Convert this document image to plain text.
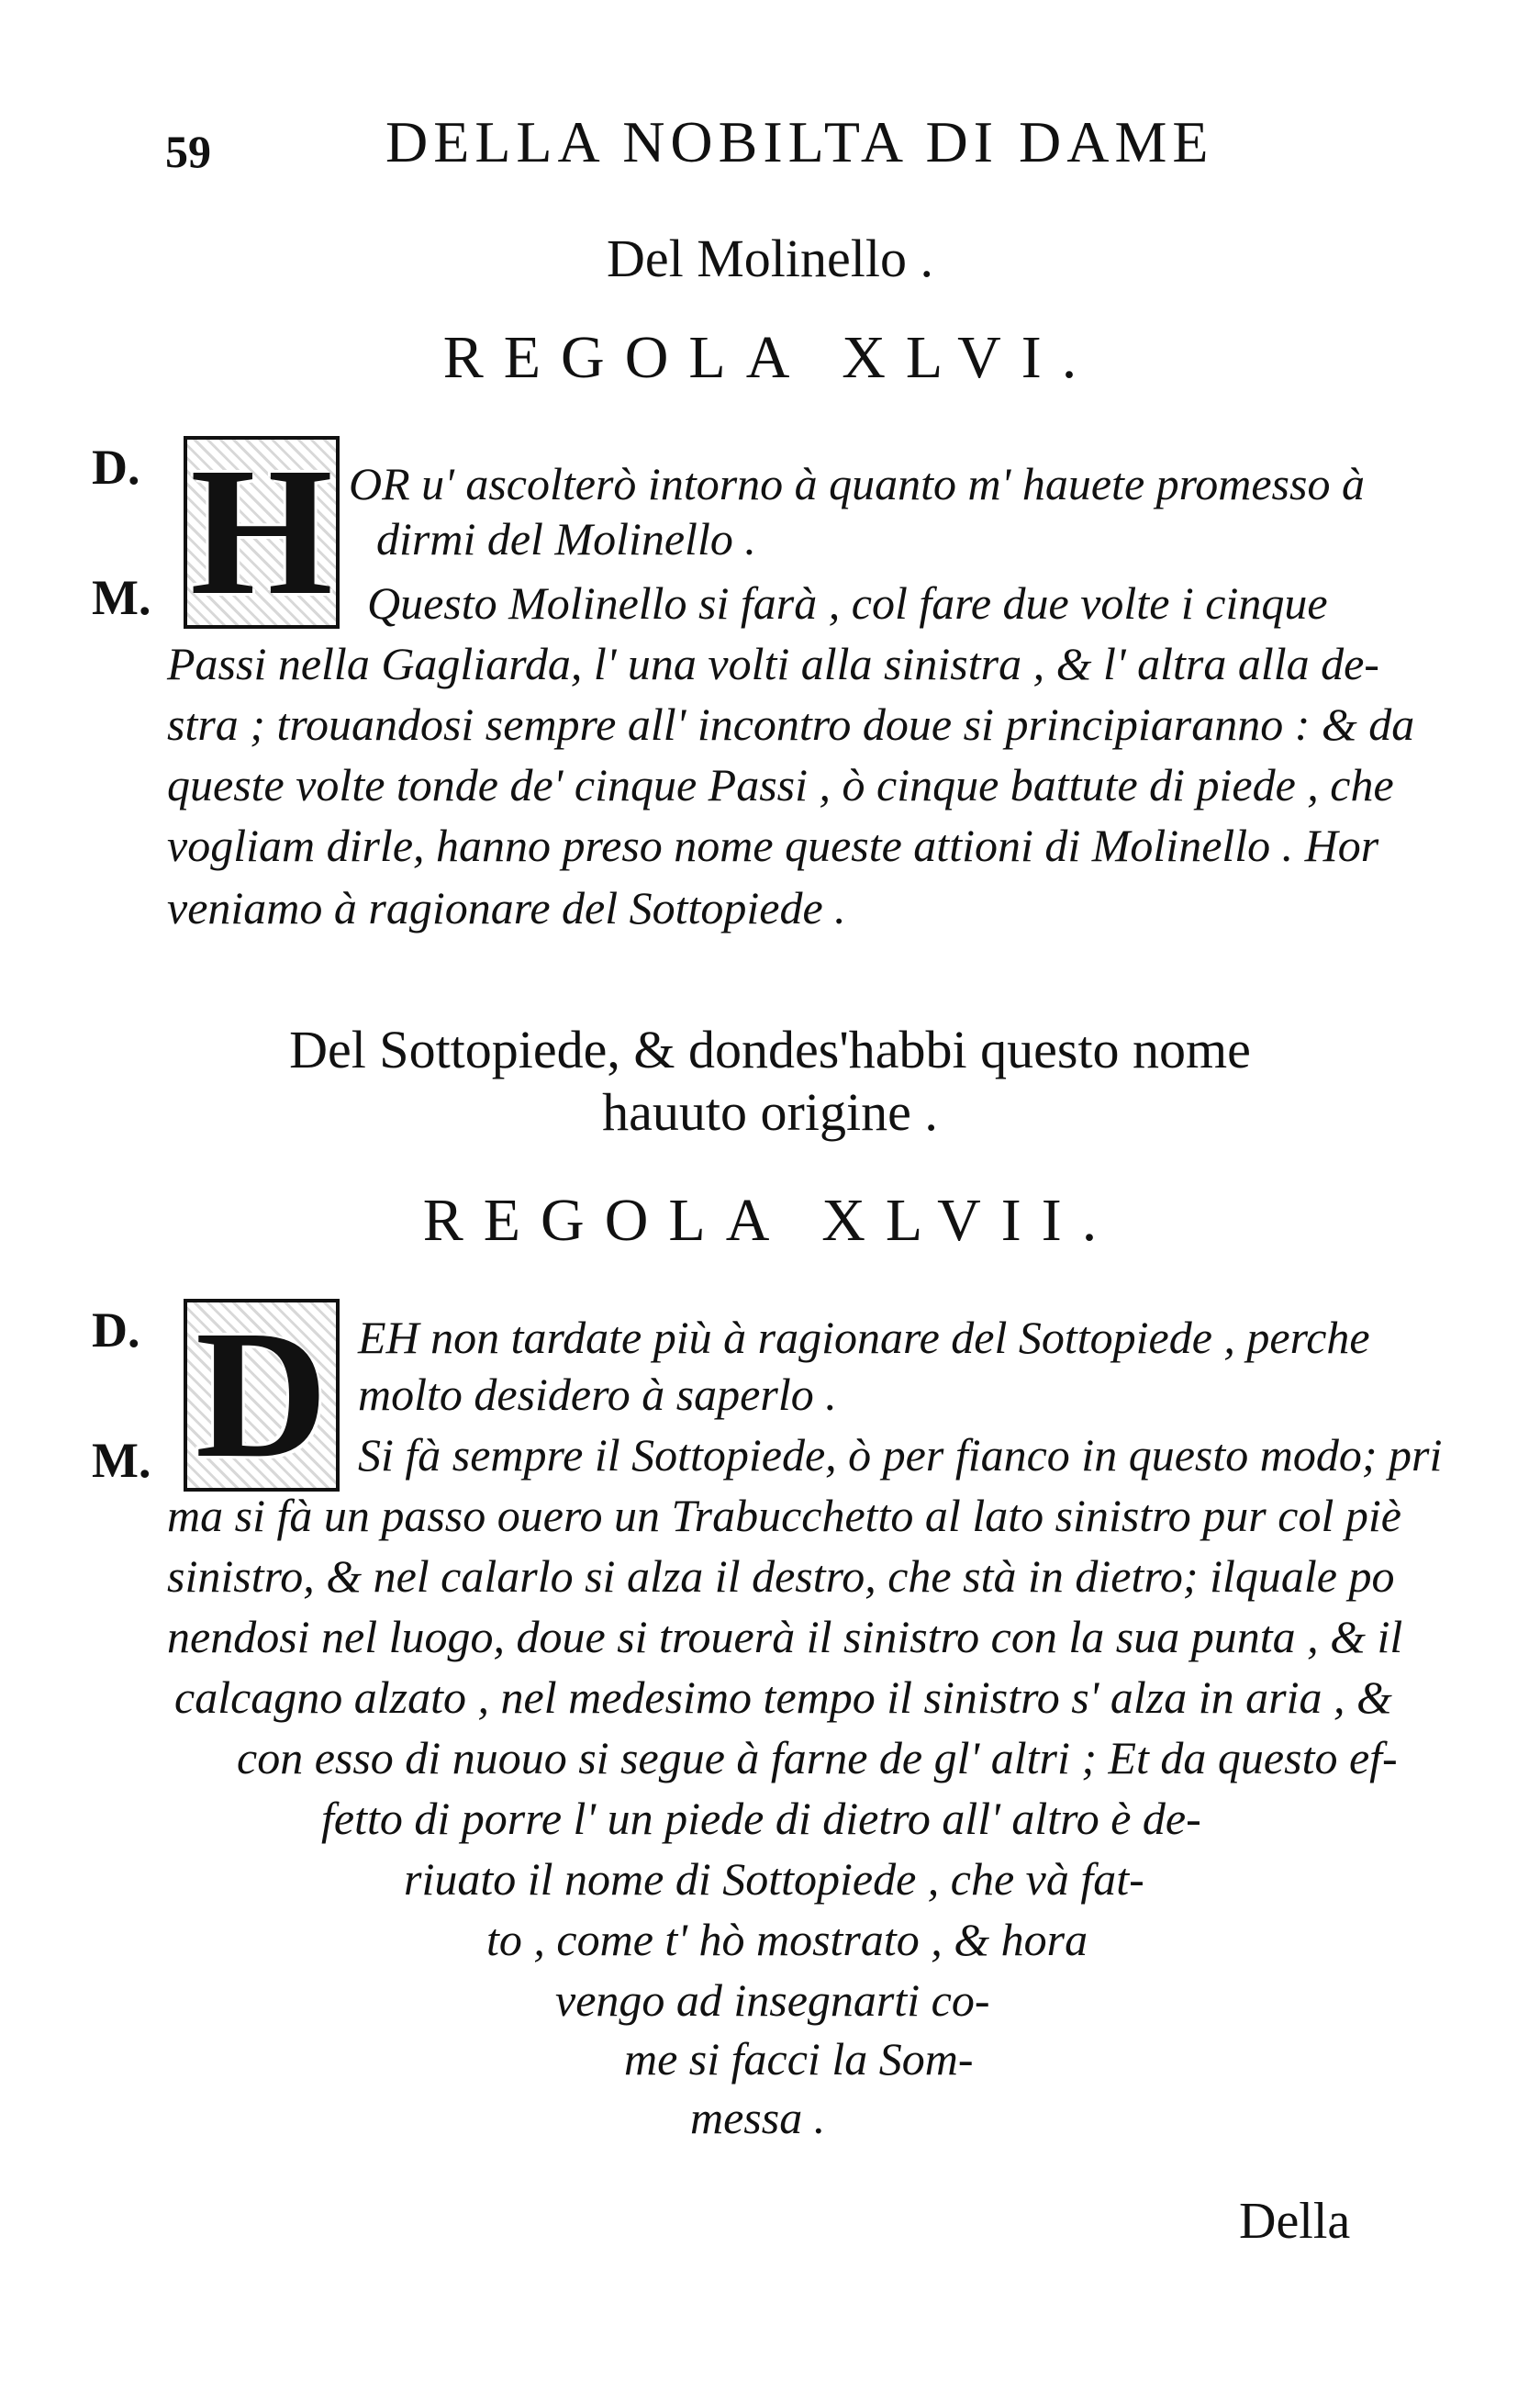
59	DELLA NOBILTA DI DAME
Del Molinello .
REGOLA XLVI.
D. H
M.
OR u' ascolterò intorno à quanto m' hauete promesso à
dirmi del Molinello .
Questo Molinello si farà , col fare due volte i cinque
Passi nella Gagliarda, l' una volti alla sinistra , & l' altra alla de-
stra ; trouandosi sempre all' incontro doue si principiaranno : & da
queste volte tonde de' cinque Passi , ò cinque battute di piede , che
vogliam dirle, hanno preso nome queste attioni di Molinello . Hor
veniamo à ragionare del Sottopiede .
Del Sottopiede, & dondes'habbi questo nome
hauuto origine .
REGOLA XLVII.
D. D
M.
EH non tardate più à ragionare del Sottopiede , perche
molto desidero à saperlo .
Si fà sempre il Sottopiede, ò per fianco in questo modo; pri
ma si fà un passo ouero un Trabucchetto al lato sinistro pur col piè
sinistro, & nel calarlo si alza il destro, che stà in dietro; ilquale po
nendosi nel luogo, doue si trouerà il sinistro con la sua punta , & il
calcagno alzato , nel medesimo tempo il sinistro s' alza in aria , &
con esso di nuouo si segue à farne de gl' altri ; Et da questo ef-
fetto di porre l' un piede di dietro all' altro è de-
riuato il nome di Sottopiede , che và fat-
to , come t' hò mostrato , & hora
vengo ad insegnarti co-
me si facci la Som-
messa .
Della
